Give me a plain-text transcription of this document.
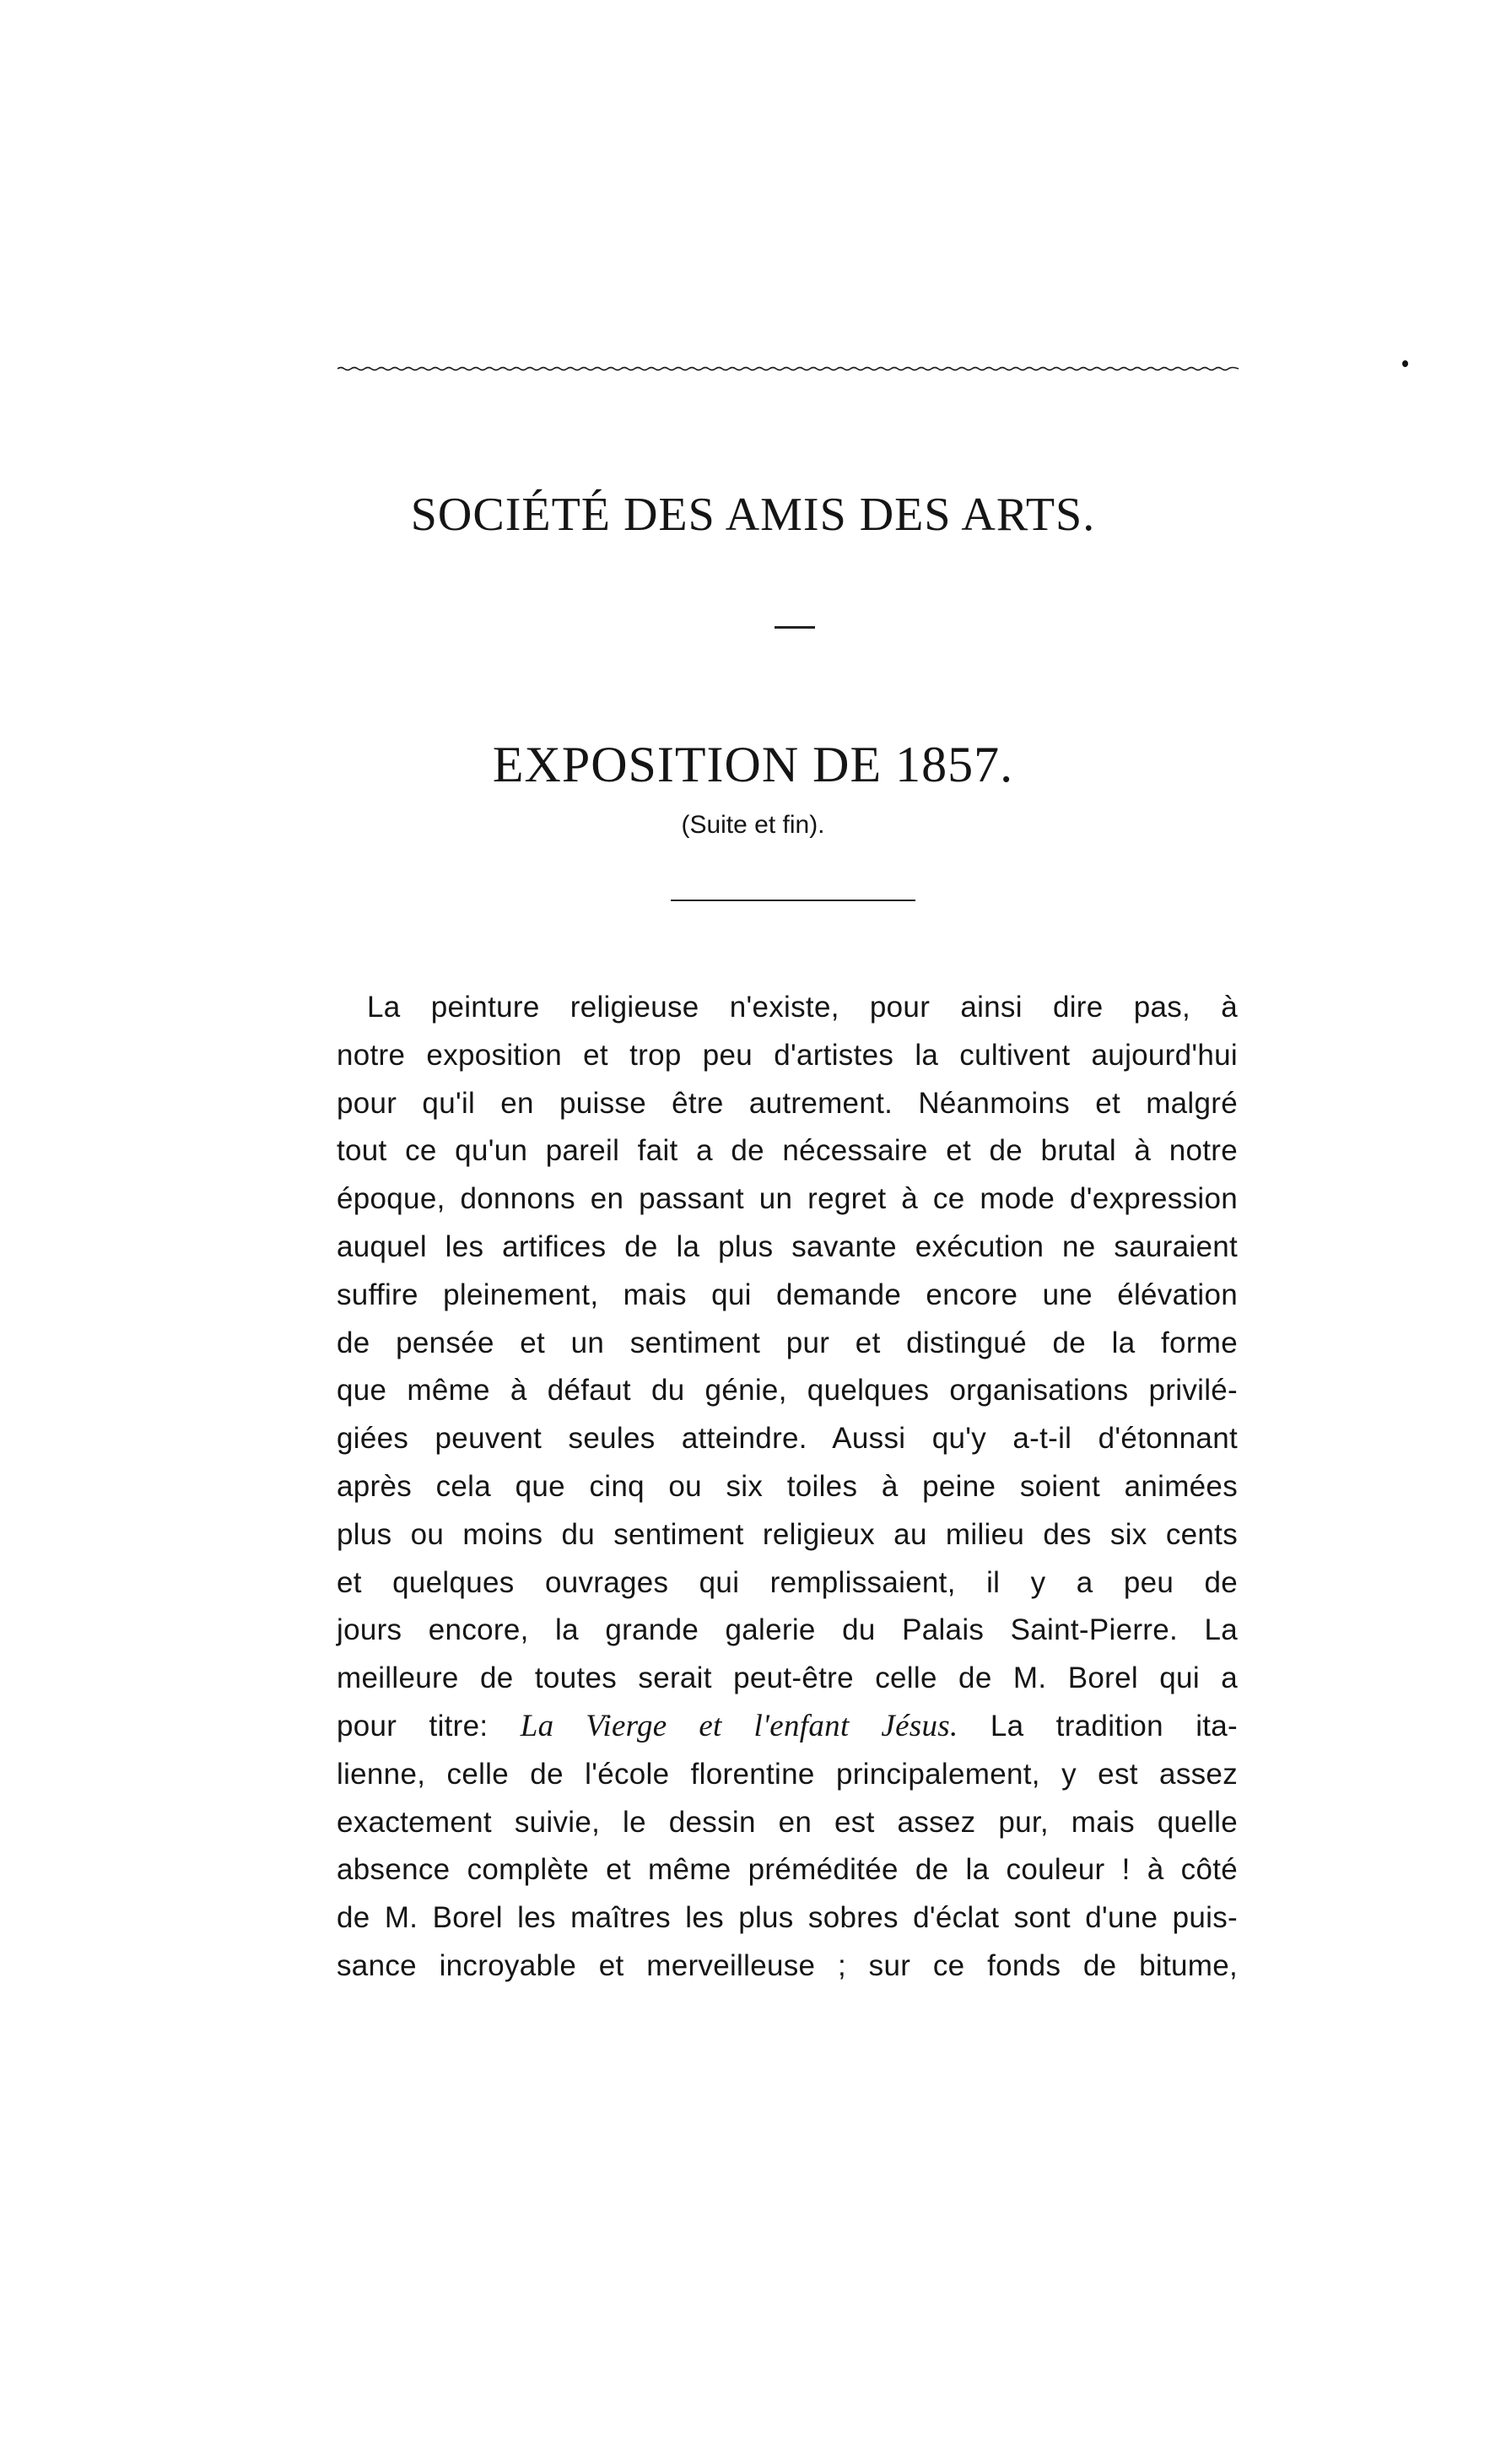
SOCIÉTÉ DES AMIS DES ARTS.
EXPOSITION DE 1857.
(Suite et fin).
La peinture religieuse n'existe, pour ainsi dire pas, à
notre exposition et trop peu d'artistes la cultivent aujourd'hui
pour qu'il en puisse être autrement. Néanmoins et malgré
tout ce qu'un pareil fait a de nécessaire et de brutal à notre
époque, donnons en passant un regret à ce mode d'expression
auquel les artifices de la plus savante exécution ne sauraient
suffire pleinement, mais qui demande encore une élévation
de pensée et un sentiment pur et distingué de la forme
que même à défaut du génie, quelques organisations privilé-
giées peuvent seules atteindre. Aussi qu'y a-t-il d'étonnant
après cela que cinq ou six toiles à peine soient animées
plus ou moins du sentiment religieux au milieu des six cents
et quelques ouvrages qui remplissaient, il y a peu de
jours encore, la grande galerie du Palais Saint-Pierre. La
meilleure de toutes serait peut-être celle de M. Borel qui a
pour titre: La Vierge et l'enfant Jésus. La tradition ita-
lienne, celle de l'école florentine principalement, y est assez
exactement suivie, le dessin en est assez pur, mais quelle
absence complète et même préméditée de la couleur ! à côté
de M. Borel les maîtres les plus sobres d'éclat sont d'une puis-
sance incroyable et merveilleuse ; sur ce fonds de bitume,
